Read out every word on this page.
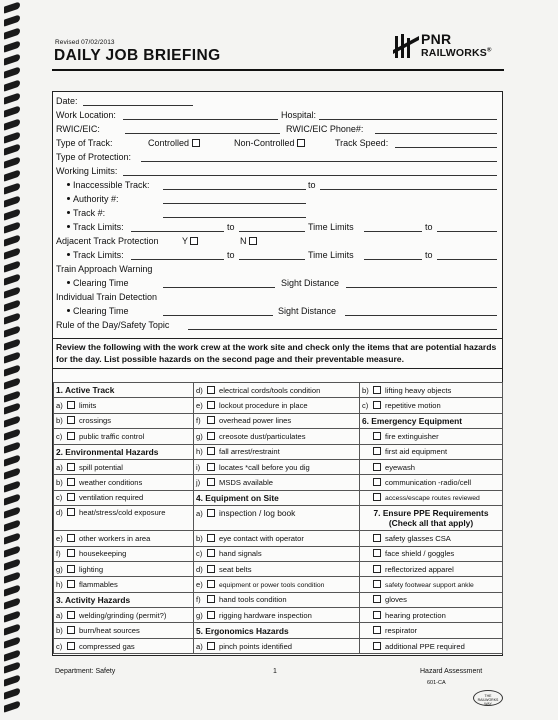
Revised 07/02/2013
DAILY JOB BRIEFING
PNR
RAILWORKS®
Date:
Work Location:	Hospital:
RWIC/EIC:	RWIC/EIC Phone#:
Type of Track:	Controlled	Non-Controlled	Track Speed:
Type of Protection:
Working Limits:
Inaccessible Track:	to
Authority #:
Track #:
Track Limits:	to	Time Limits	to
Adjacent Track Protection	Y	N
Track Limits:	to	Time Limits	to
Train Approach Warning
Clearing Time	Sight Distance
Individual Train Detection
Clearing Time	Sight Distance
Rule of the Day/Safety Topic
Review the following with the work crew at the work site and check only the items that are potential hazards for the day. List possible hazards on the second page and their preventable measure.
1. Active Track	d) electrical cords/tools condition	b) lifting heavy objects
a) limits	e) lockout procedure in place	c) repetitive motion
b) crossings	f) overhead power lines	6. Emergency Equipment
c) public traffic control	g) creosote dust/particulates	fire extinguisher
2. Environmental Hazards	h) fall arrest/restraint	first aid equipment
a) spill potential	i) locates *call before you dig	eyewash
b) weather conditions	j) MSDS available	communication -radio/cell
c) ventilation required	4. Equipment on Site	access/escape routes reviewed
d) heat/stress/cold exposure	a) inspection / log book	7. Ensure PPE Requirements
(Check all that apply)

e) other workers in area	b) eye contact with operator	safety glasses CSA
f) housekeeping	c) hand signals	face shield / goggles
g) lighting	d) seat belts	reflectorized apparel
h) flammables	e) equipment or power tools condition	safety footwear support ankle
3. Activity Hazards	f) hand tools condition	gloves
a) welding/grinding (permit?)	g) rigging hardware inspection	hearing protection
b) burn/heat sources	5. Ergonomics Hazards	respirator
c) compressed gas	a) pinch points identified	additional PPE required
Department: Safety	1	Hazard Assessment
601-CA
THE RAILWORKS WAY
